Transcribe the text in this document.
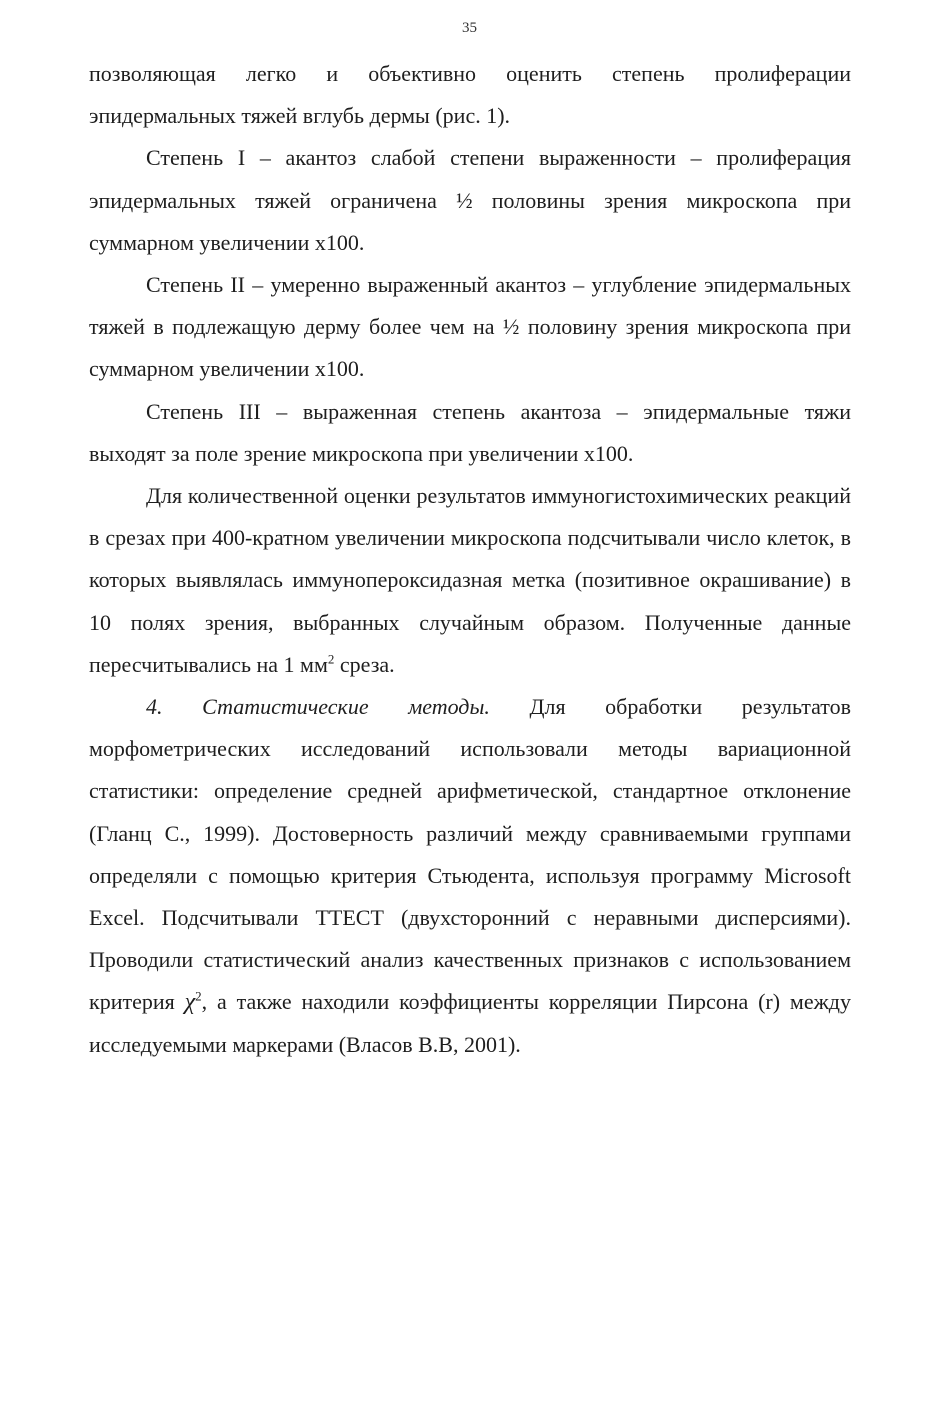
35

позволяющая легко и объективно оценить степень пролиферации эпидермальных тяжей вглубь дермы (рис. 1).

Степень I – акантоз слабой степени выраженности – пролиферация эпидермальных тяжей ограничена ½ половины зрения микроскопа при суммарном увеличении х100.

Степень II – умеренно выраженный акантоз – углубление эпидермальных тяжей в подлежащую дерму более чем на ½ половину зрения микроскопа при суммарном увеличении х100.

Степень III – выраженная степень акантоза – эпидермальные тяжи выходят за поле зрение микроскопа при увеличении х100.

Для количественной оценки результатов иммуногистохимических реакций в срезах при 400-кратном увеличении микроскопа подсчитывали число клеток, в которых выявлялась иммунопероксидазная метка (позитивное окрашивание) в 10 полях зрения, выбранных случайным образом. Полученные данные пересчитывались на 1 $мм^2$ среза.

4. Статистические методы. Для обработки результатов морфометрических исследований использовали методы вариационной статистики: определение средней арифметической, стандартное отклонение (Гланц С., 1999). Достоверность различий между сравниваемыми группами определяли с помощью критерия Стьюдента, используя программу Microsoft Excel. Подсчитывали ТТЕСТ (двухсторонний с неравными дисперсиями). Проводили статистический анализ качественных признаков с использованием критерия $\chi^2$, а также находили коэффициенты корреляции Пирсона (r) между исследуемыми маркерами (Власов В.В, 2001).
